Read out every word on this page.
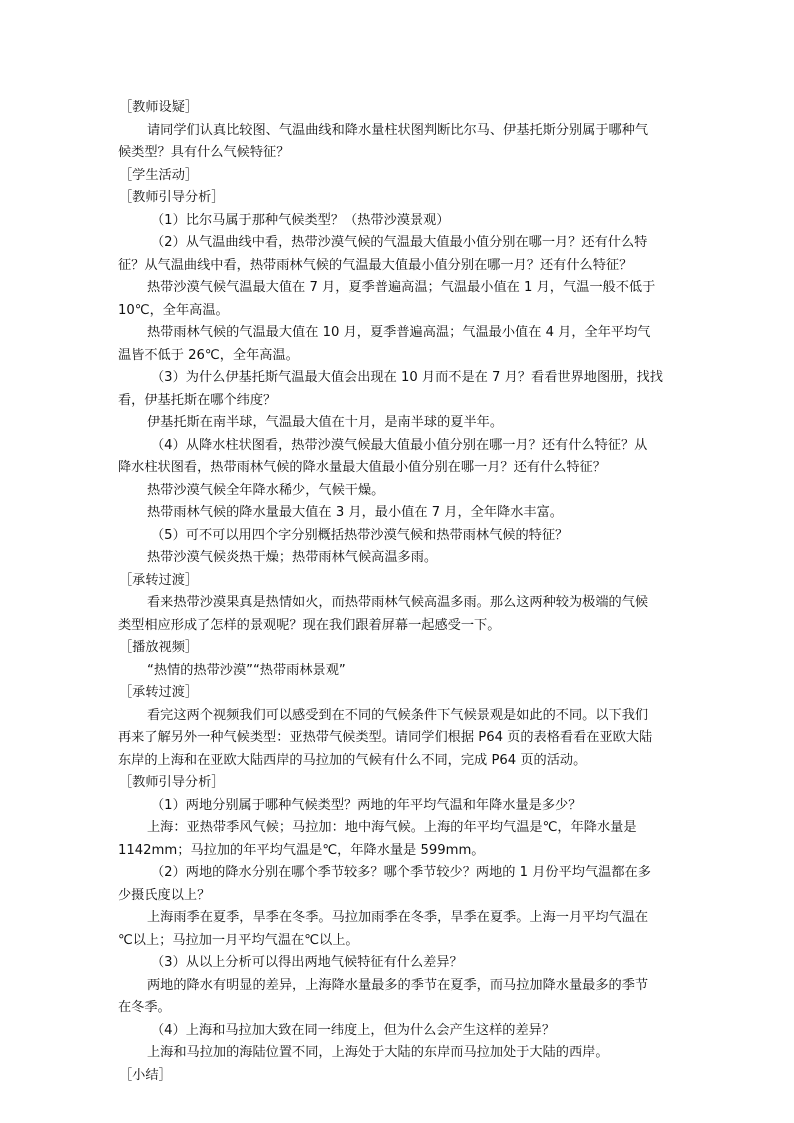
［教师设疑］
请同学们认真比较图、气温曲线和降水量柱状图判断比尔马、伊基托斯分别属于哪种气
候类型？具有什么气候特征？
［学生活动］
［教师引导分析］
（1）比尔马属于那种气候类型？（热带沙漠景观）
（2）从气温曲线中看，热带沙漠气候的气温最大值最小值分别在哪一月？还有什么特
征？从气温曲线中看，热带雨林气候的气温最大值最小值分别在哪一月？还有什么特征？
热带沙漠气候气温最大值在 7 月，夏季普遍高温；气温最小值在 1 月，气温一般不低于
10℃，全年高温。
热带雨林气候的气温最大值在 10 月，夏季普遍高温；气温最小值在 4 月，全年平均气
温皆不低于 26℃，全年高温。
（3）为什么伊基托斯气温最大值会出现在 10 月而不是在 7 月？看看世界地图册，找找
看，伊基托斯在哪个纬度？
伊基托斯在南半球，气温最大值在十月，是南半球的夏半年。
（4）从降水柱状图看，热带沙漠气候最大值最小值分别在哪一月？还有什么特征？从
降水柱状图看，热带雨林气候的降水量最大值最小值分别在哪一月？还有什么特征？
热带沙漠气候全年降水稀少，气候干燥。
热带雨林气候的降水量最大值在 3 月，最小值在 7 月，全年降水丰富。
（5）可不可以用四个字分别概括热带沙漠气候和热带雨林气候的特征？
热带沙漠气候炎热干燥；热带雨林气候高温多雨。
［承转过渡］
看来热带沙漠果真是热情如火，而热带雨林气候高温多雨。那么这两种较为极端的气候
类型相应形成了怎样的景观呢？现在我们跟着屏幕一起感受一下。
［播放视频］
“热情的热带沙漠”“热带雨林景观”
［承转过渡］
看完这两个视频我们可以感受到在不同的气候条件下气候景观是如此的不同。以下我们
再来了解另外一种气候类型：亚热带气候类型。请同学们根据 P64 页的表格看看在亚欧大陆
东岸的上海和在亚欧大陆西岸的马拉加的气候有什么不同，完成 P64 页的活动。
［教师引导分析］
（1）两地分别属于哪种气候类型？两地的年平均气温和年降水量是多少？
上海：亚热带季风气候；马拉加：地中海气候。上海的年平均气温是℃，年降水量是
1142mm；马拉加的年平均气温是℃，年降水量是 599mm。
（2）两地的降水分别在哪个季节较多？哪个季节较少？两地的 1 月份平均气温都在多
少摄氏度以上？
上海雨季在夏季，旱季在冬季。马拉加雨季在冬季，旱季在夏季。上海一月平均气温在
℃以上；马拉加一月平均气温在℃以上。
（3）从以上分析可以得出两地气候特征有什么差异？
两地的降水有明显的差异，上海降水量最多的季节在夏季，而马拉加降水量最多的季节
在冬季。
（4）上海和马拉加大致在同一纬度上，但为什么会产生这样的差异？
上海和马拉加的海陆位置不同，上海处于大陆的东岸而马拉加处于大陆的西岸。
［小结］
